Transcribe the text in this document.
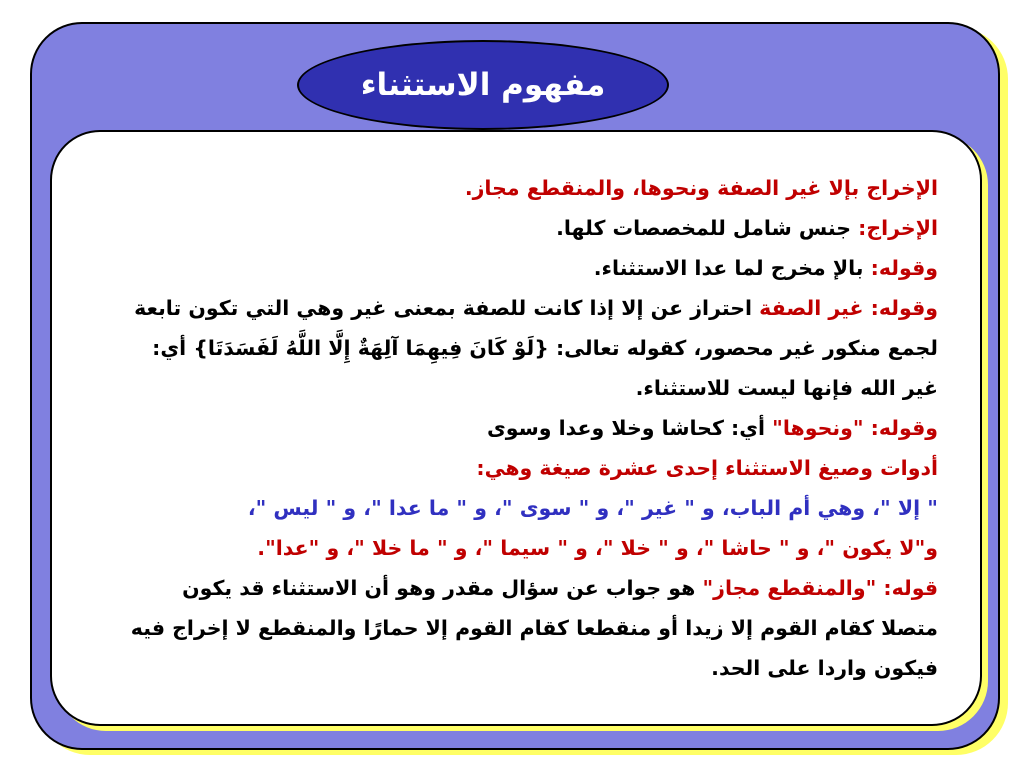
مفهوم الاستثناء
الإخراج بإلا غير الصفة ونحوها، والمنقطع مجاز.
الإخراج: جنس شامل للمخصصات كلها.
وقوله: بالإ مخرج لما عدا الاستثناء.
وقوله: غير الصفة احتراز عن إلا إذا كانت للصفة بمعنى غير وهي التي تكون تابعة
لجمع منكور غير محصور، كقوله تعالى: {لَوْ كَانَ فِيهِمَا آلِهَةٌ إِلَّا اللَّهُ لَفَسَدَتَا} أي:
غير الله فإنها ليست للاستثناء.
وقوله: "ونحوها" أي: كحاشا وخلا وعدا وسوى
أدوات وصيغ الاستثناء إحدى عشرة صيغة وهي:
" إلا "، وهي أم الباب، و " غير "، و " سوى "، و " ما عدا "، و " ليس "،
و"لا يكون "، و " حاشا "، و " خلا "، و " سيما "، و " ما خلا "، و "عدا".
قوله: "والمنقطع مجاز" هو جواب عن سؤال مقدر وهو أن الاستثناء قد يكون
متصلا كقام القوم إلا زيدا أو منقطعا كقام القوم إلا حمارًا والمنقطع لا إخراج فيه
فيكون واردا على الحد.
